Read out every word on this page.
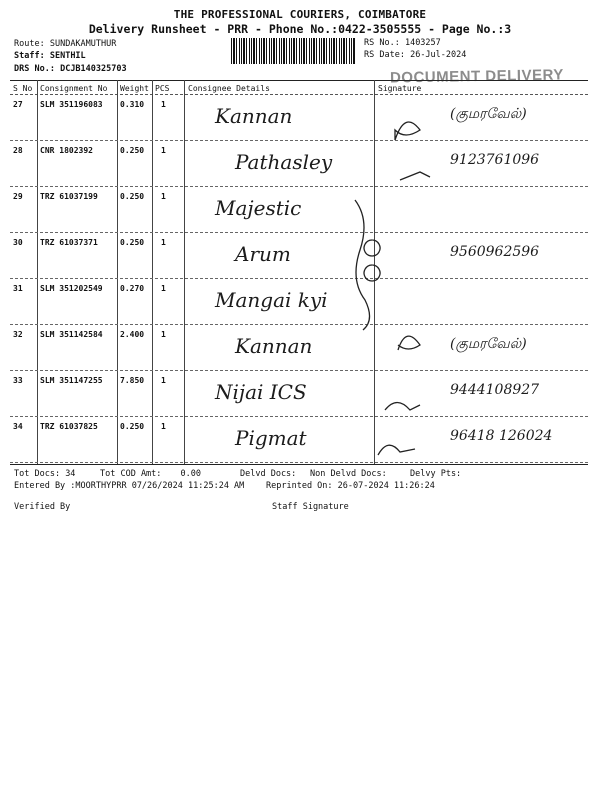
THE PROFESSIONAL COURIERS, COIMBATORE
Delivery Runsheet - PRR - Phone No.:0422-3505555 - Page No.:3
Route: SUNDAKAMUTHUR
Staff: SENTHIL
DRS No.: DCJB140325703
RS No.: 1403257
RS Date: 26-Jul-2024
DOCUMENT DELIVERY
S No Consignment No Weight PCS Consignee Details	Signature
27 SLM 351196083 0.310 1 Kannan	(குமரவேல்)
28 CNR 1802392	0.250 1	Pathasley	9123761096
29 TRZ 61037199	0.250 1 Majestic
30 TRZ 61037371	0.250 1	Arum	9560962596
31 SLM 351202549 0.270 1 Mangai kyi
32 SLM 351142584 2.400 1	Kannan	(குமரவேல்)
33 SLM 351147255 7.850 1 Nijai ICS	9444108927
34 TRZ 61037825	0.250 1	Pigmat	96418 126024
Tot Docs: 34	Tot COD Amt: 0.00	Delvd Docs: Non Delvd Docs:	Delvy Pts:
Entered By :MOORTHYPRR 07/26/2024 11:25:24 AM	Reprinted On: 26-07-2024 11:26:24
Verified By	Staff Signature
